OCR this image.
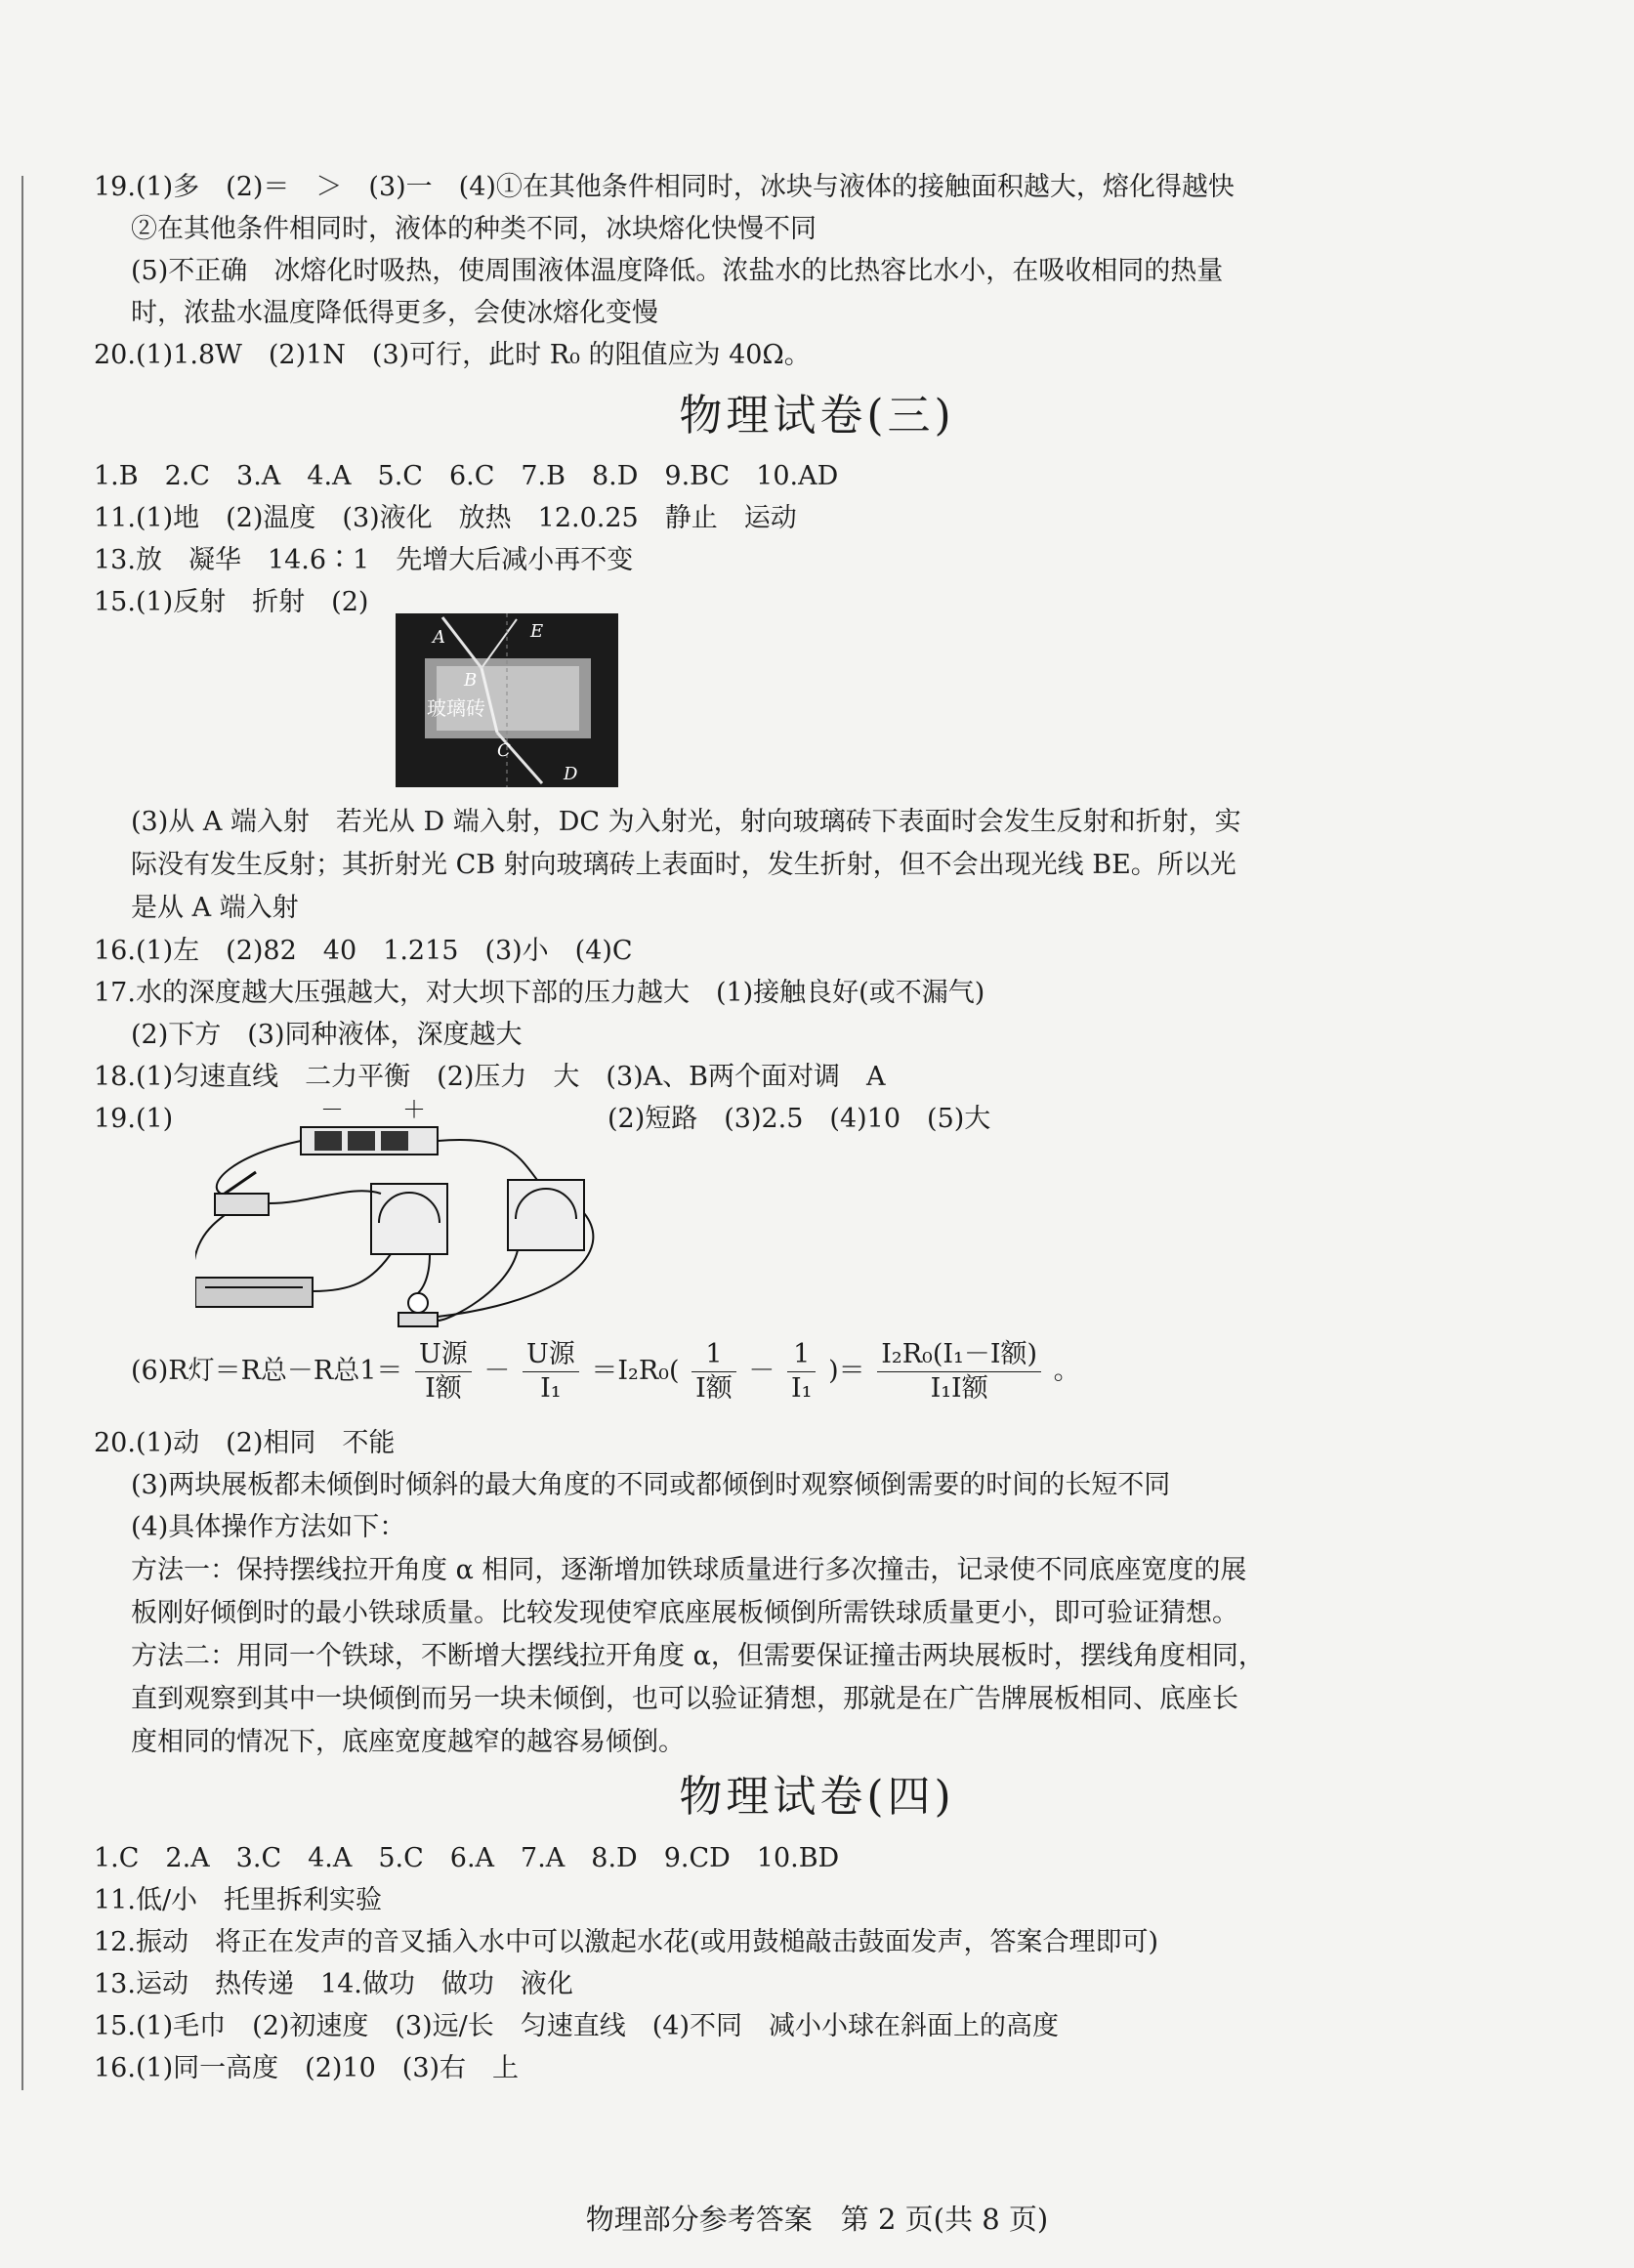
19.(1)多　(2)＝　＞　(3)一　(4)①在其他条件相同时，冰块与液体的接触面积越大，熔化得越快
②在其他条件相同时，液体的种类不同，冰块熔化快慢不同
(5)不正确　冰熔化时吸热，使周围液体温度降低。浓盐水的比热容比水小，在吸收相同的热量
时，浓盐水温度降低得更多，会使冰熔化变慢
20.(1)1.8W　(2)1N　(3)可行，此时 R₀ 的阻值应为 40Ω。
物理试卷(三)
1.B　2.C　3.A　4.A　5.C　6.C　7.B　8.D　9.BC　10.AD
11.(1)地　(2)温度　(3)液化　放热　12.0.25　静止　运动
13.放　凝华　14.6∶1　先增大后减小再不变
15.(1)反射　折射　(2)
A	E
B
玻璃砖
C
D
(3)从 A 端入射　若光从 D 端入射，DC 为入射光，射向玻璃砖下表面时会发生反射和折射，实
际没有发生反射；其折射光 CB 射向玻璃砖上表面时，发生折射，但不会出现光线 BE。所以光
是从 A 端入射
16.(1)左　(2)82　40　1.215　(3)小　(4)C
17.水的深度越大压强越大，对大坝下部的压力越大　(1)接触良好(或不漏气)
(2)下方　(3)同种液体，深度越大
18.(1)匀速直线　二力平衡　(2)压力　大　(3)A、B两个面对调　A
19.(1)	(2)短路　(3)2.5　(4)10　(5)大
－	＋
(6)R灯＝R总－R总$1= \frac{\text{U源}}{\text{I额}} - \frac{\text{U源}}{\text{I₁}} =I_2R_0( \frac{1}{\text{I额}} - \frac{1}{\text{I₁}}$ )＝ $\frac{\text{I₂R₀(I₁－I额)}}{\text{I₁I额}}$ 。
20.(1)动　(2)相同　不能
(3)两块展板都未倾倒时倾斜的最大角度的不同或都倾倒时观察倾倒需要的时间的长短不同
(4)具体操作方法如下：
方法一：保持摆线拉开角度 α 相同，逐渐增加铁球质量进行多次撞击，记录使不同底座宽度的展
板刚好倾倒时的最小铁球质量。比较发现使窄底座展板倾倒所需铁球质量更小，即可验证猜想。
方法二：用同一个铁球，不断增大摆线拉开角度 α，但需要保证撞击两块展板时，摆线角度相同，
直到观察到其中一块倾倒而另一块未倾倒，也可以验证猜想，那就是在广告牌展板相同、底座长
度相同的情况下，底座宽度越窄的越容易倾倒。
物理试卷(四)
1.C　2.A　3.C　4.A　5.C　6.A　7.A　8.D　9.CD　10.BD
11.低/小　托里拆利实验
12.振动　将正在发声的音叉插入水中可以激起水花(或用鼓槌敲击鼓面发声，答案合理即可)
13.运动　热传递　14.做功　做功　液化
15.(1)毛巾　(2)初速度　(3)远/长　匀速直线　(4)不同　减小小球在斜面上的高度
16.(1)同一高度　(2)10　(3)右　上
物理部分参考答案　第 2 页(共 8 页)
